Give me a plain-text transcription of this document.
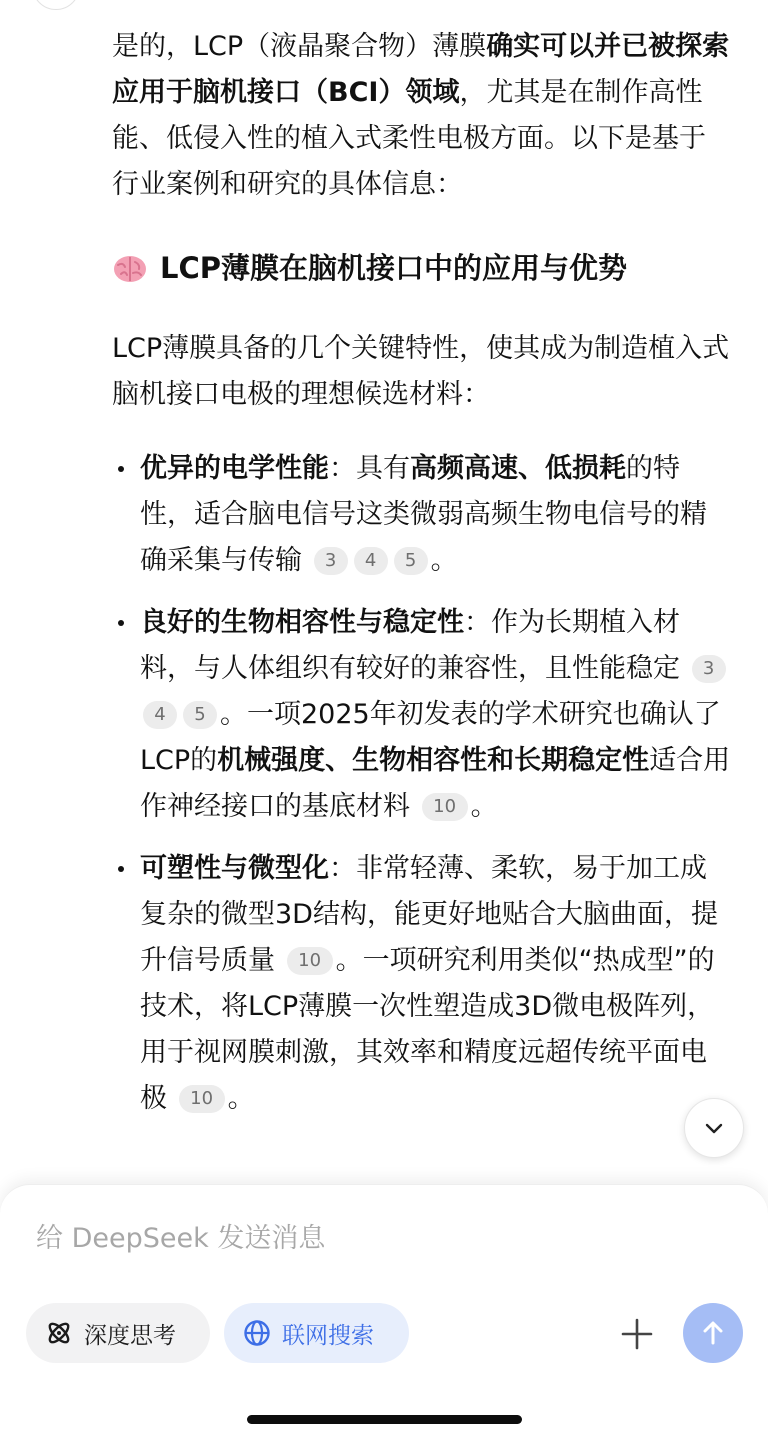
是的，LCP（液晶聚合物）薄膜确实可以并已被探索应用于脑机接口（BCI）领域，尤其是在制作高性能、低侵入性的植入式柔性电极方面。以下是基于行业案例和研究的具体信息：

LCP薄膜在脑机接口中的应用与优势

LCP薄膜具备的几个关键特性，使其成为制造植入式脑机接口电极的理想候选材料：

优异的电学性能：具有高频高速、低损耗的特性，适合脑电信号这类微弱高频生物电信号的精确采集与传输 3 4 5 。
良好的生物相容性与稳定性：作为长期植入材料，与人体组织有较好的兼容性，且性能稳定 34 5 。一项2025年初发表的学术研究也确认了LCP的机械强度、生物相容性和长期稳定性适合用作神经接口的基底材料 10 。
可塑性与微型化：非常轻薄、柔软，易于加工成复杂的微型3D结构，能更好地贴合大脑曲面，提升信号质量 10 。一项研究利用类似“热成型”的技术，将LCP薄膜一次性塑造成3D微电极阵列，用于视网膜刺激，其效率和精度远超传统平面电极 10 。
给 DeepSeek 发送消息
深度思考	联网搜索
